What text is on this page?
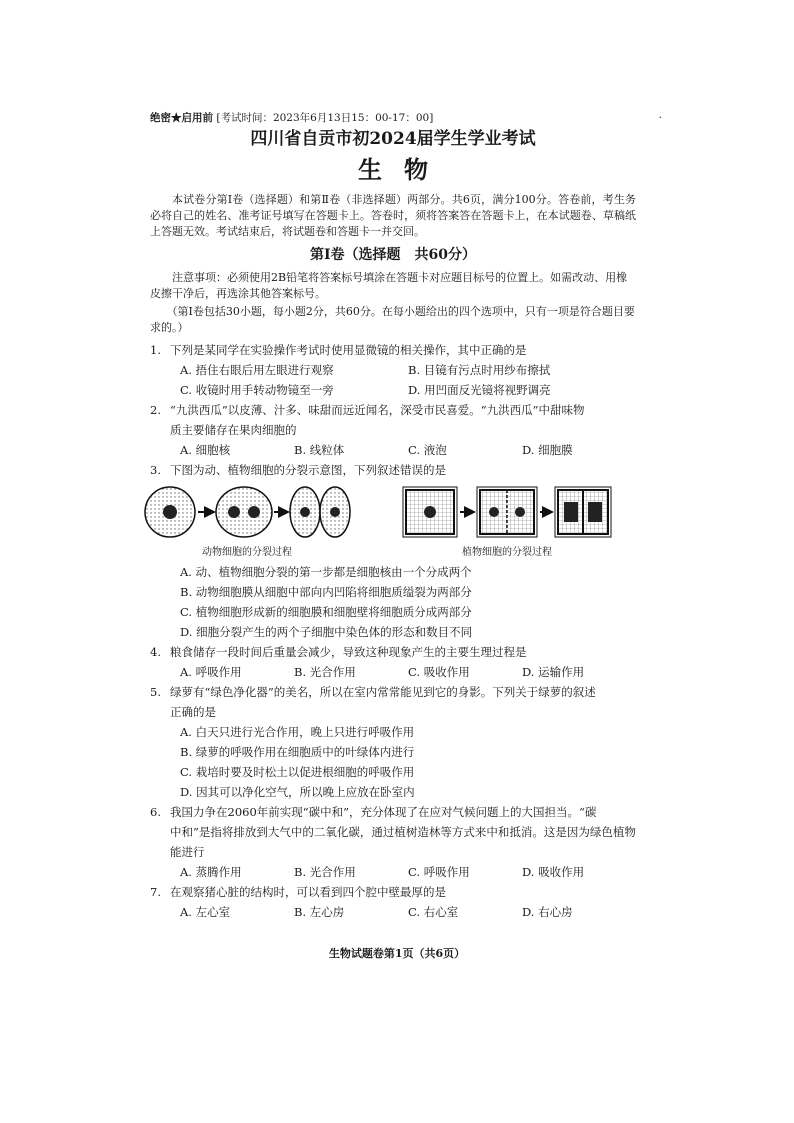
绝密★启用前 [考试时间：2023年6月13日15：00-17：00]	·
四川省自贡市初2024届学生学业考试
生物

本试卷分第Ⅰ卷（选择题）和第Ⅱ卷（非选择题）两部分。共6页，满分100分。答卷前，考生务必将自己的姓名、准考证号填写在答题卡上。答卷时，须将答案答在答题卡上，在本试题卷、草稿纸上答题无效。考试结束后，将试题卷和答题卡一并交回。

第Ⅰ卷（选择题　共60分）

注意事项：必须使用2B铅笔将答案标号填涂在答题卡对应题目标号的位置上。如需改动、用橡皮擦干净后，再选涂其他答案标号。

（第Ⅰ卷包括30小题，每小题2分，共60分。在每小题给出的四个选项中，只有一项是符合题目要求的。）

1. 下列是某同学在实验操作考试时使用显微镜的相关操作，其中正确的是
A. 捂住右眼后用左眼进行观察	B. 目镜有污点时用纱布擦拭
C. 收镜时用手转动物镜至一旁	D. 用凹面反光镜将视野调亮
2. “九洪西瓜”以皮薄、汁多、味甜而远近闻名，深受市民喜爱。“九洪西瓜”中甜味物
质主要储存在果肉细胞的
A. 细胞核	B. 线粒体	C. 液泡	D. 细胞膜
3. 下图为动、植物细胞的分裂示意图，下列叙述错误的是
动物细胞的分裂过程	植物细胞的分裂过程
A. 动、植物细胞分裂的第一步都是细胞核由一个分成两个
B. 动物细胞膜从细胞中部向内凹陷将细胞质缢裂为两部分
C. 植物细胞形成新的细胞膜和细胞壁将细胞质分成两部分
D. 细胞分裂产生的两个子细胞中染色体的形态和数目不同
4. 粮食储存一段时间后重量会减少，导致这种现象产生的主要生理过程是
A. 呼吸作用	B. 光合作用	C. 吸收作用	D. 运输作用
5. 绿萝有“绿色净化器”的美名，所以在室内常常能见到它的身影。下列关于绿萝的叙述
正确的是
A. 白天只进行光合作用，晚上只进行呼吸作用
B. 绿萝的呼吸作用在细胞质中的叶绿体内进行
C. 栽培时要及时松土以促进根细胞的呼吸作用
D. 因其可以净化空气，所以晚上应放在卧室内
6. 我国力争在2060年前实现“碳中和”，充分体现了在应对气候问题上的大国担当。“碳
中和”是指将排放到大气中的二氧化碳，通过植树造林等方式来中和抵消。这是因为绿色植物能进行
A. 蒸腾作用	B. 光合作用	C. 呼吸作用	D. 吸收作用
7. 在观察猪心脏的结构时，可以看到四个腔中壁最厚的是
A. 左心室	B. 左心房	C. 右心室	D. 右心房
生物试题卷第1页（共6页）
